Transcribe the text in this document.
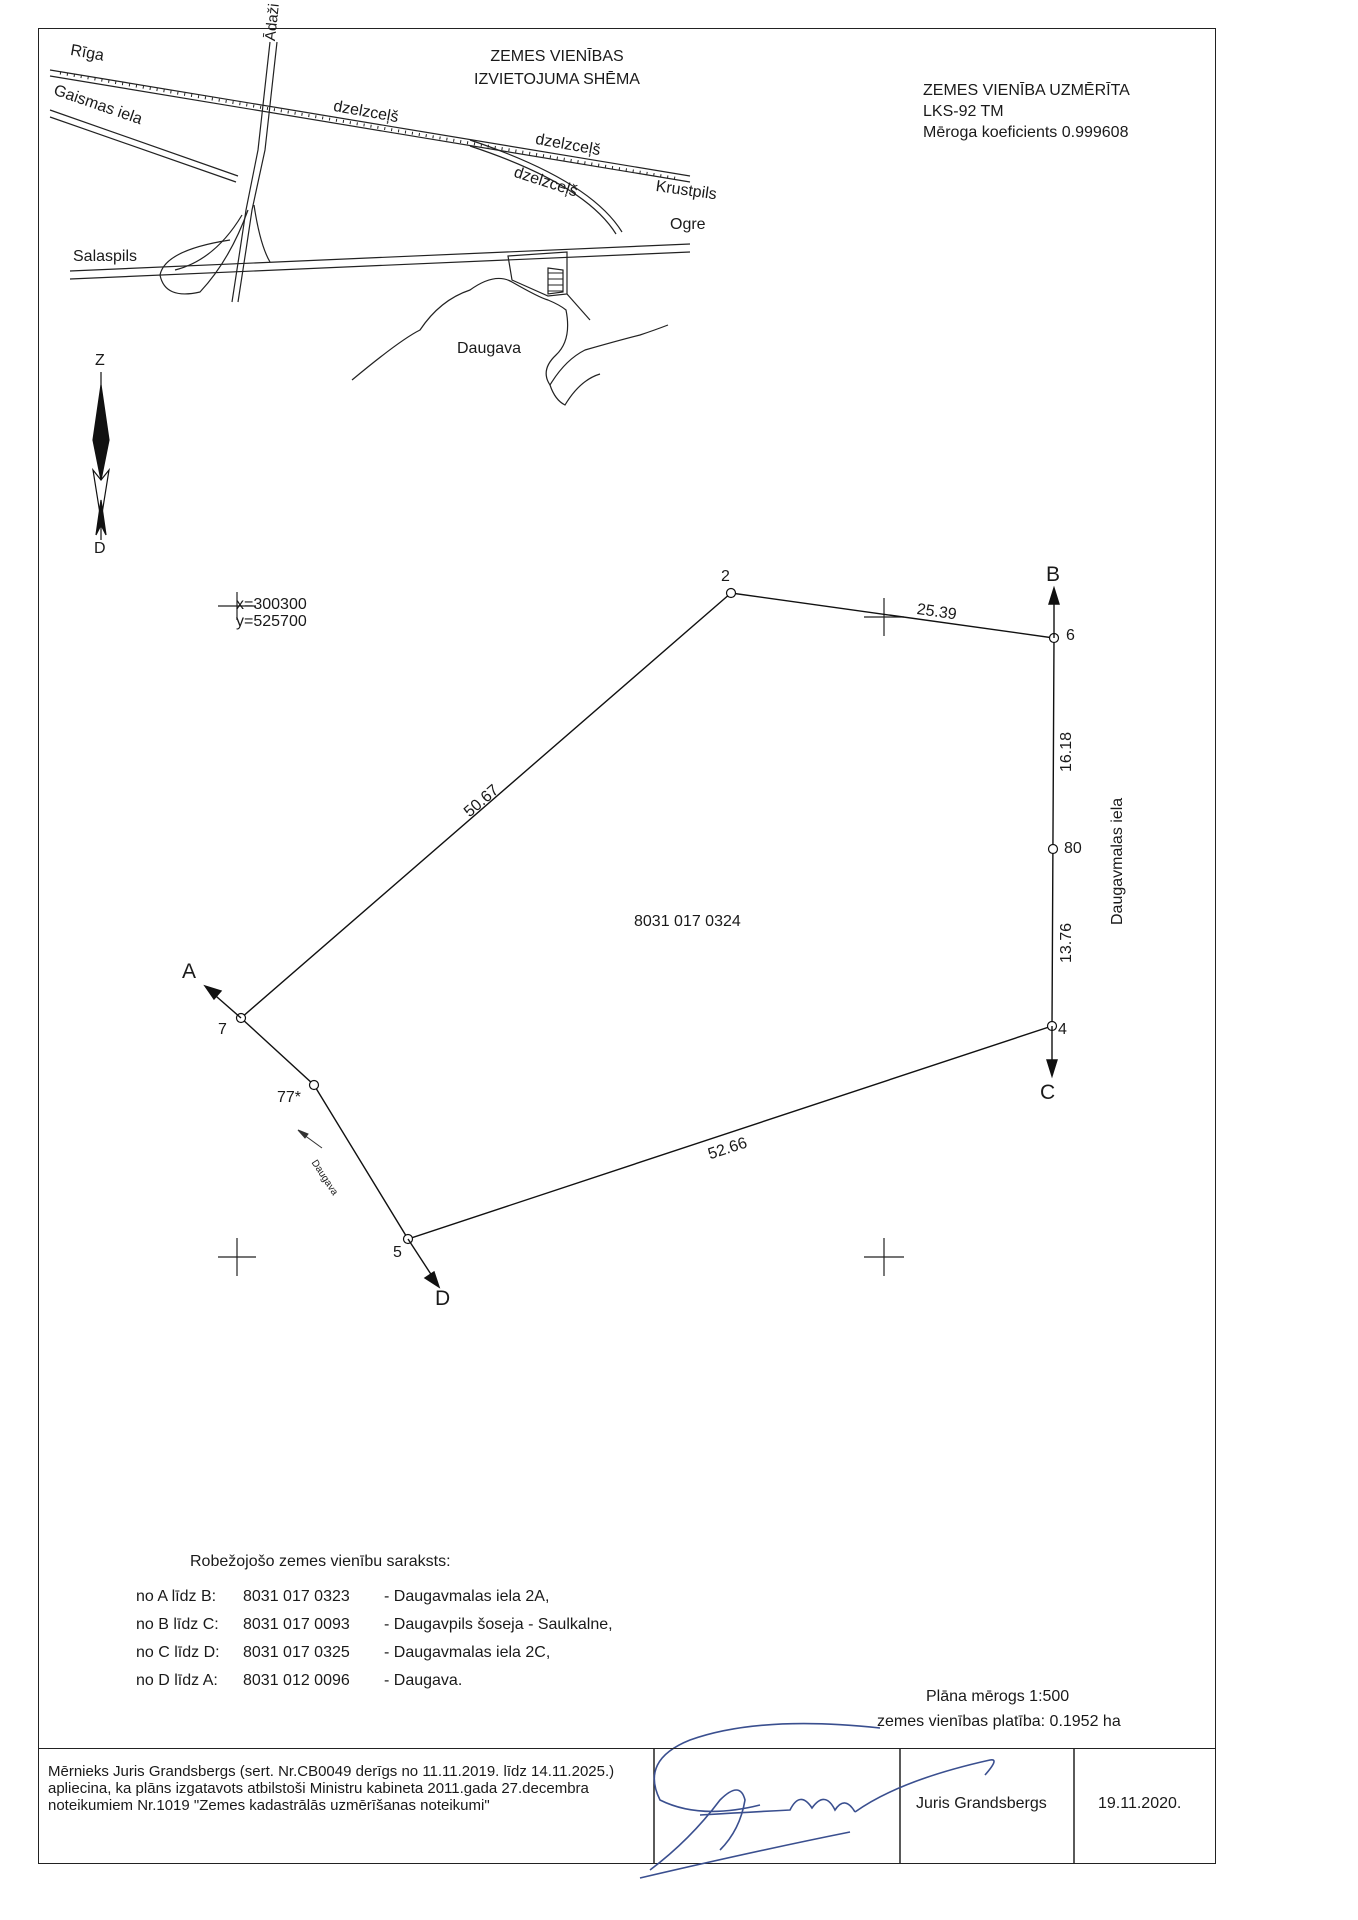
ZEMES VIENĪBAS
IZVIETOJUMA SHĒMA
Rīga
Ādaži
Gaismas iela	dzelzceļš
dzelzceļš
dzelzceļš	Krustpils
Ogre
Salaspils
Daugava
ZEMES VIENĪBA UZMĒRĪTA
LKS-92 TM
Mēroga koeficients 0.999608
Z
D
x=300300
y=525700
2
6
80
4
5
77*
7
25.39
16.18
13.76
52.66
50.67
8031 017 0324	Daugavmalas iela
Daugava
A
B
C
D
Robežojošo zemes vienību saraksts:
no A līdz B: 8031 017 0323 - Daugavmalas iela 2A,
no B līdz C: 8031 017 0093 - Daugavpils šoseja - Saulkalne,
no C līdz D: 8031 017 0325 - Daugavmalas iela 2C,
no D līdz A: 8031 012 0096 - Daugava.
Plāna mērogs 1:500
zemes vienības platība: 0.1952 ha
Mērnieks Juris Grandsbergs (sert. Nr.CB0049 derīgs no 11.11.2019. līdz 14.11.2025.) apliecina, ka plāns izgatavots atbilstoši Ministru kabineta 2011.gada 27.decembra noteikumiem Nr.1019 "Zemes kadastrālās uzmērīšanas noteikumi"	Juris Grandsbergs	19.11.2020.
